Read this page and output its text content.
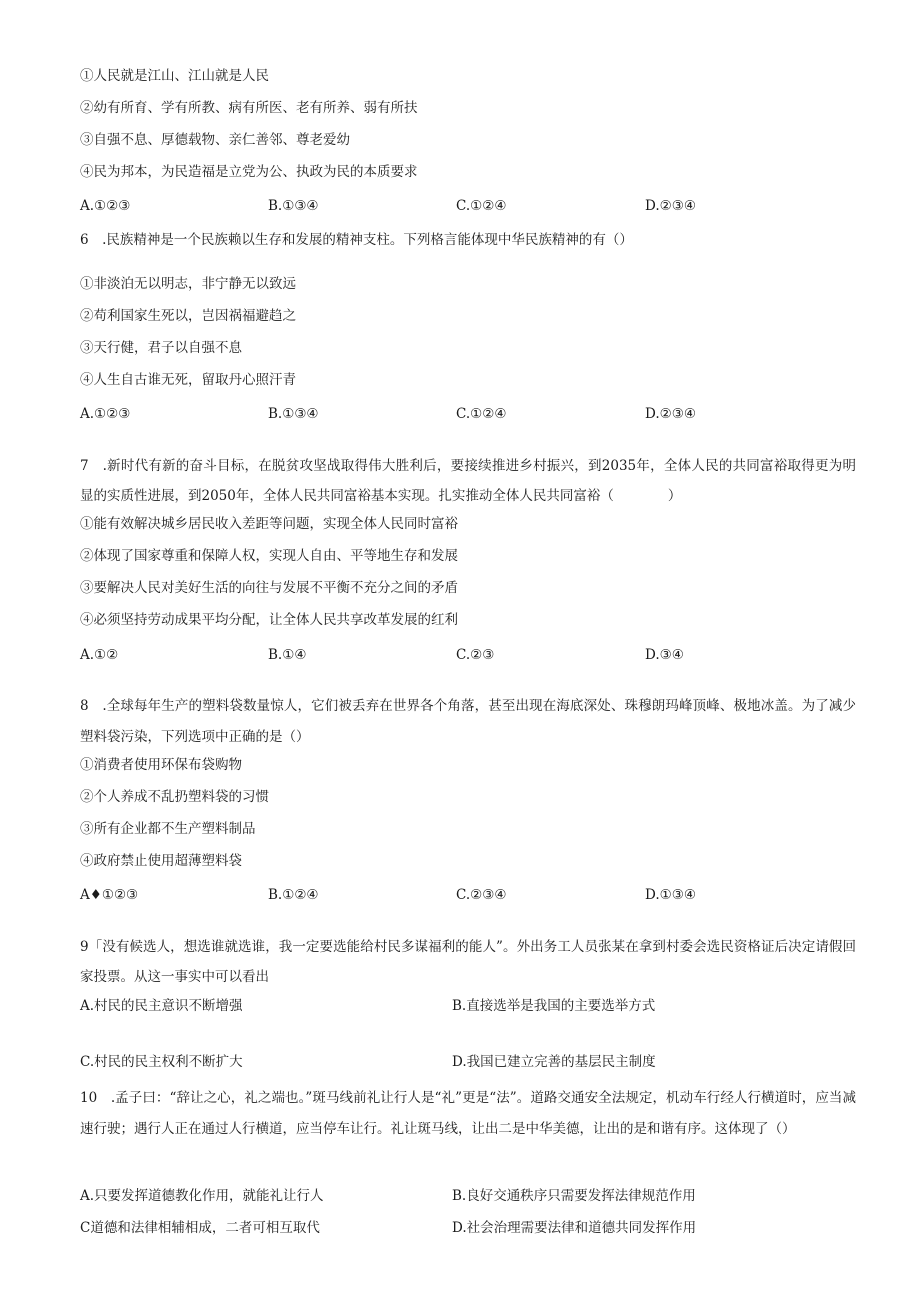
①人民就是江山、江山就是人民
②幼有所育、学有所教、病有所医、老有所养、弱有所扶
③自强不息、厚德载物、亲仁善邻、尊老爱幼
④民为邦本，为民造福是立党为公、执政为民的本质要求
A.①②③	B.①③④	C.①②④	D.②③④
6　.民族精神是一个民族赖以生存和发展的精神支柱。下列格言能体现中华民族精神的有（）
①非淡泊无以明志，非宁静无以致远
②苟利国家生死以，岂因祸福避趋之
③天行健，君子以自强不息
④人生自古谁无死，留取丹心照汗青
A.①②③	B.①③④	C.①②④	D.②③④
7　.新时代有新的奋斗目标，在脱贫攻坚战取得伟大胜利后，要接续推进乡村振兴，到2035年，全体人民的共同富裕取得更为明显的实质性进展，到2050年，全体人民共同富裕基本实现。扎实推动全体人民共同富裕（　　　　）
①能有效解决城乡居民收入差距等问题，实现全体人民同时富裕
②体现了国家尊重和保障人权，实现人自由、平等地生存和发展
③要解决人民对美好生活的向往与发展不平衡不充分之间的矛盾
④必须坚持劳动成果平均分配，让全体人民共享改革发展的红利
A.①②	B.①④	C.②③	D.③④
8　.全球每年生产的塑料袋数量惊人，它们被丢弃在世界各个角落，甚至出现在海底深处、珠穆朗玛峰顶峰、极地冰盖。为了减少塑料袋污染，下列选项中正确的是（）
①消费者使用环保布袋购物
②个人养成不乱扔塑料袋的习惯
③所有企业都不生产塑料制品
④政府禁止使用超薄塑料袋
A♦①②③	B.①②④	C.②③④	D.①③④
9「没有候选人，想选谁就选谁，我一定要选能给村民多谋福利的能人”。外出务工人员张某在拿到村委会选民资格证后决定请假回家投票。从这一事实中可以看出
A.村民的民主意识不断增强	B.直接选举是我国的主要选举方式
C.村民的民主权利不断扩大	D.我国已建立完善的基层民主制度
10　.孟子曰：“辞让之心，礼之端也。”斑马线前礼让行人是“礼”更是“法”。道路交通安全法规定，机动车行经人行横道时，应当减速行驶；遇行人正在通过人行横道，应当停车让行。礼让斑马线，让出二是中华美德，让出的是和谐有序。这体现了（）
A.只要发挥道德教化作用，就能礼让行人	B.良好交通秩序只需要发挥法律规范作用
C道德和法律相辅相成，二者可相互取代	D.社会治理需要法律和道德共同发挥作用
